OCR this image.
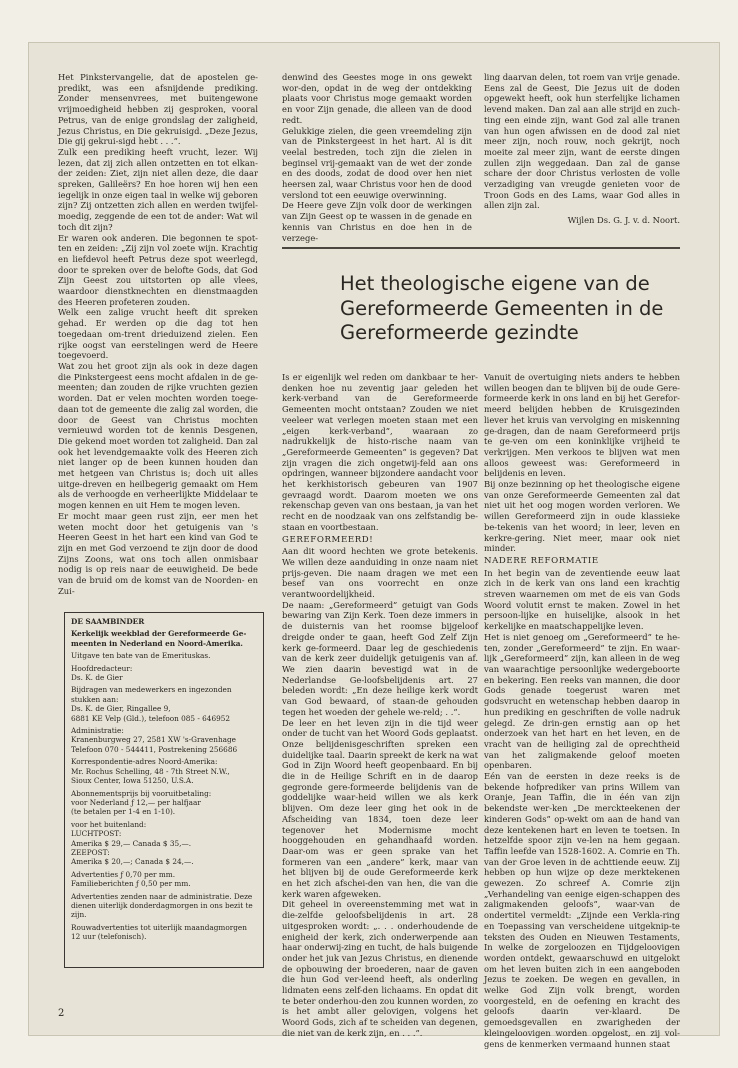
Het Pinkstervangelie, dat de apostelen ge-predikt, was een afsnijdende prediking. Zonder mensenvrees, met buitengewone vrijmoedigheid hebben zij gesproken, vooral Petrus, van de enige grondslag der zaligheid, Jezus Christus, en Die gekruisigd. „Deze Jezus, Die gij gekrui-sigd hebt . . .”.

Zulk een prediking heeft vrucht, lezer. Wij lezen, dat zij zich allen ontzetten en tot elkan-der zeiden: Ziet, zijn niet allen deze, die daar spreken, Galileërs? En hoe horen wij hen een iegelijk in onze eigen taal in welke wij geboren zijn? Zij ontzetten zich allen en werden twijfel-moedig, zeggende de een tot de ander: Wat wil toch dit zijn?

Er waren ook anderen. Die begonnen te spot-ten en zeiden: „Zij zijn vol zoete wijn. Krachtig en liefdevol heeft Petrus deze spot weerlegd, door te spreken over de belofte Gods, dat God Zijn Geest zou uitstorten op alle vlees, waardoor dienstknechten en dienstmaagden des Heeren profeteren zouden.

Welk een zalige vrucht heeft dit spreken gehad. Er werden op die dag tot hen toegedaan om-trent drieduizend zielen. Een rijke oogst van eerstelingen werd de Heere toegevoerd.

Wat zou het groot zijn als ook in deze dagen die Pinkstergeest eens mocht afdalen in de ge-meenten; dan zouden de rijke vruchten gezien worden. Dat er velen mochten worden toege-daan tot de gemeente die zalig zal worden, die door de Geest van Christus mochten vernieuwd worden tot de kennis Desgenen, Die gekend moet worden tot zaligheid. Dan zal ook het levendgemaakte volk des Heeren zich niet langer op de been kunnen houden dan met hetgeen van Christus is; doch uit alles uitge-dreven en heilbegerig gemaakt om Hem als de verhoogde en verheerlijkte Middelaar te mogen kennen en uit Hem te mogen leven.

Er mocht maar geen rust zijn, eer men het weten mocht door het getuigenis van 's Heeren Geest in het hart een kind van God te zijn en met God verzoend te zijn door de dood Zijns Zoons, wat ons toch allen onmisbaar nodig is op reis naar de eeuwigheid. De bede van de bruid om de komst van de Noorden- en Zui-

denwind des Geestes moge in ons gewekt wor-den, opdat in de weg der ontdekking plaats voor Christus moge gemaakt worden en voor Zijn genade, die alleen van de dood redt.

Gelukkige zielen, die geen vreemdeling zijn van de Pinkstergeest in het hart. Al is dit veelal bestreden, toch zijn die zielen in beginsel vrij-gemaakt van de wet der zonde en des doods, zodat de dood over hen niet heersen zal, waar Christus voor hen de dood verslond tot een eeuwige overwinning.

De Heere geve Zijn volk door de werkingen van Zijn Geest op te wassen in de genade en kennis van Christus en doe hen in de verzege-

ling daarvan delen, tot roem van vrije genade. Eens zal de Geest, Die Jezus uit de doden opgewekt heeft, ook hun sterfelijke lichamen levend maken. Dan zal aan alle strijd en zuch-ting een einde zijn, want God zal alle tranen van hun ogen afwissen en de dood zal niet meer zijn, noch rouw, noch gekrijt, noch moeite zal meer zijn, want de eerste dingen zullen zijn weggedaan. Dan zal de ganse schare der door Christus verlosten de volle verzadiging van vreugde genieten voor de Troon Gods en des Lams, waar God alles in allen zijn zal.

Wijlen Ds. G. J. v. d. Noort.

Het theologische eigene van de Gereformeerde Gemeenten in de Gereformeerde gezindte

Is er eigenlijk wel reden om dankbaar te her-denken hoe nu zeventig jaar geleden het kerk-verband van de Gereformeerde Gemeenten mocht ontstaan? Zouden we niet veeleer wat verlegen moeten staan met een „eigen kerk-verband”, waaraan zo nadrukkelijk de histo-rische naam van „Gereformeerde Gemeenten” is gegeven? Dat zijn vragen die zich ongetwij-feld aan ons opdringen, wanneer bijzondere aandacht voor het kerkhistorisch gebeuren van 1907 gevraagd wordt. Daarom moeten we ons rekenschap geven van ons bestaan, ja van het recht en de noodzaak van ons zelfstandig be-staan en voortbestaan.

GEREFORMEERD!

Aan dit woord hechten we grote betekenis. We willen deze aanduiding in onze naam niet prijs-geven. Die naam dragen we met een besef van ons voorrecht en onze verantwoordelijkheid.

De naam: „Gereformeerd” getuigt van Gods bewaring van Zijn Kerk. Toen deze immers in de duisternis van het roomse bijgeloof dreigde onder te gaan, heeft God Zelf Zijn kerk ge-formeerd. Daar leg de geschiedenis van de kerk zeer duidelijk getuigenis van af. We zien daarin bevestigd wat in de Nederlandse Ge-loofsbelijdenis art. 27 beleden wordt: „En deze heilige kerk wordt van God bewaard, of staan-de gehouden tegen het woeden der gehele we-reld; . .”.

De leer en het leven zijn in die tijd weer onder de tucht van het Woord Gods geplaatst. Onze belijdenisgeschriften spreken een duidelijke taal. Daarin spreekt de kerk na wat God in Zijn Woord heeft geopenbaard. En bij die in de Heilige Schrift en in de daarop gegronde gere-formeerde belijdenis van de goddelijke waar-heid willen we als kerk blijven. Om deze leer ging het ook in de Afscheiding van 1834, toen deze leer tegenover het Modernisme mocht hooggehouden en gehandhaafd worden. Daar-om was er geen sprake van het formeren van een „andere” kerk, maar van het blijven bij de oude Gereformeerde kerk en het zich afschei-den van hen, die van die kerk waren afgeweken.

Dit geheel in overeenstemming met wat in die-zelfde geloofsbelijdenis in art. 28 uitgesproken wordt: „. . . onderhoudende de enigheid der kerk, zich onderwerpende aan haar onderwij-zing en tucht, de hals buigende onder het juk van Jezus Christus, en dienende de opbouwing der broederen, naar de gaven die hun God ver-leend heeft, als onderling lidmaten eens zelf-den lichaams. En opdat dit te beter onderhou-den zou kunnen worden, zo is het ambt aller gelovigen, volgens het Woord Gods, zich af te scheiden van degenen, die niet van de kerk zijn, en . . .”.

Vanuit de overtuiging niets anders te hebben willen beogen dan te blijven bij de oude Gere-formeerde kerk in ons land en bij het Gerefor-meerd belijden hebben de Kruisgezinden liever het kruis van vervolging en miskenning ge-dragen, dan de naam Gereformeerd prijs te ge-ven om een koninklijke vrijheid te verkrijgen. Men verkoos te blijven wat men alloos geweest was: Gereformeerd in belijdenis en leven.

Bij onze bezinning op het theologische eigene van onze Gereformeerde Gemeenten zal dat niet uit het oog mogen worden verloren. We willen Gereformeerd zijn in oude klassieke be-tekenis van het woord; in leer, leven en kerkre-gering. Niet meer, maar ook niet minder.

NADERE REFORMATIE

In het begin van de zeventiende eeuw laat zich in de kerk van ons land een krachtig streven waarnemen om met de eis van Gods Woord volutit ernst te maken. Zowel in het persoon-lijke en huiselijke, alsook in het kerkelijke en maatschappelijke leven.

Het is niet genoeg om „Gereformeerd” te he-ten, zonder „Gereformeerd” te zijn. En waar-lijk „Gereformeerd” zijn, kan alleen in de weg van waarachtige persoonlijke wedergeboorte en bekering. Een reeks van mannen, die door Gods genade toegerust waren met godsvrucht en wetenschap hebben daarop in hun prediking en geschriften de volle nadruk gelegd. Ze drin-gen ernstig aan op het onderzoek van het hart en het leven, en de vracht van de heiliging zal de oprechtheid van het zaligmakende geloof moeten openbaren.

Eén van de eersten in deze reeks is de bekende hofprediker van prins Willem van Oranje, Jean Taffin, die in één van zijn bekendste wer-ken „De merckteekenen der kinderen Gods” op-wekt om aan de hand van deze kentekenen hart en leven te toetsen. In hetzelfde spoor zijn ve-len na hem gegaan. Taffin leefde van 1528-1602. A. Comrie en Th. van der Groe leven in de achttiende eeuw. Zij hebben op hun wijze op deze merktekenen gewezen. Zo schreef A. Comrie zijn „Verhandeling van eenige eigen-schappen des zaligmakenden geloofs”, waar-van de ondertitel vermeldt: „Zijnde een Verkla-ring en Toepassing van verscheidene uitgeknip-te teksten des Ouden en Nieuwen Testaments, In welke de zorgeloozen en Tijdgeloovigen worden ontdekt, gewaarschuwd en uitgelokt om het leven buiten zich in een aangeboden Jezus te zoeken. De wegen en gevallen, in welke God Zijn volk brengt, worden voorgesteld, en de oefening en kracht des geloofs daarin ver-klaard. De gemoedsgevallen en zwarigheden der kleingeloovigen worden opgelost, en zij vol-gens de kenmerken vermaand hunnen staat

DE SAAMBINDER

Kerkelijk weekblad der Gereformeerde Ge-meenten in Nederland en Noord-Amerika.

Uitgave ten bate van de Emerituskas.

Hoofdredacteur:

Ds. K. de Gier

Bijdragen van medewerkers en ingezonden stukken aan:

Ds. K. de Gier, Ringallee 9,

6881 KE Velp (Gld.), telefoon 085 - 646952

Administratie:

Kranenburgweg 27, 2581 XW 's-Gravenhage

Telefoon 070 - 544411, Postrekening 256686

Korrespondentie-adres Noord-Amerika:

Mr. Rochus Schelling, 48 - 7th Street N.W.,

Sioux Center, Iowa 51250, U.S.A.

Abonnementsprijs bij vooruitbetaling:

voor Nederland ƒ 12,— per halfjaar

(te betalen per 1-4 en 1-10).

voor het buitenland:

LUCHTPOST:

Amerika $ 29,— Canada $ 35,—.

ZEEPOST:

Amerika $ 20,—; Canada $ 24,—.

Advertenties ƒ 0,70 per mm.

Familieberichten ƒ 0,50 per mm.

Advertenties zenden naar de administratie. Deze dienen uiterlijk donderdagmorgen in ons bezit te zijn.

Rouwadvertenties tot uiterlijk maandagmorgen 12 uur (telefonisch).

2
